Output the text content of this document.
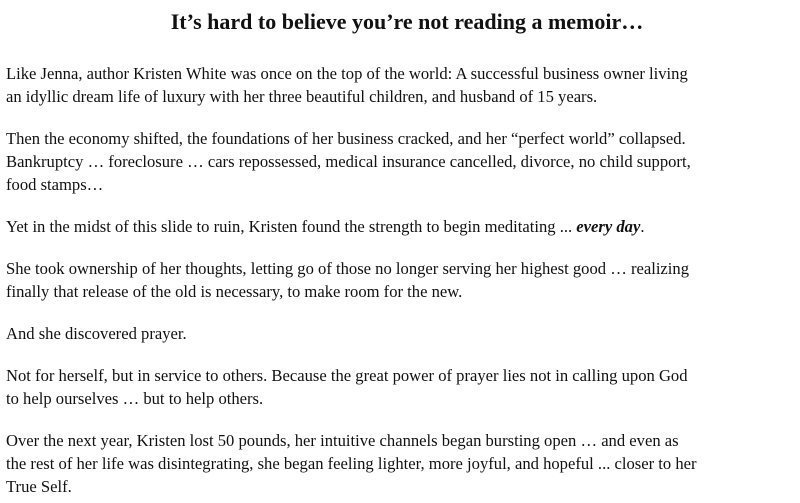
It’s hard to believe you’re not reading a memoir…

Like Jenna, author Kristen White was once on the top of the world: A successful business owner living
an idyllic dream life of luxury with her three beautiful children, and husband of 15 years.

Then the economy shifted, the foundations of her business cracked, and her “perfect world” collapsed.
Bankruptcy … foreclosure … cars repossessed, medical insurance cancelled, divorce, no child support,
food stamps…

Yet in the midst of this slide to ruin, Kristen found the strength to begin meditating ... every day.

She took ownership of her thoughts, letting go of those no longer serving her highest good … realizing
finally that release of the old is necessary, to make room for the new.

And she discovered prayer.

Not for herself, but in service to others. Because the great power of prayer lies not in calling upon God
to help ourselves … but to help others.

Over the next year, Kristen lost 50 pounds, her intuitive channels began bursting open … and even as
the rest of her life was disintegrating, she began feeling lighter, more joyful, and hopeful ... closer to her
True Self.
